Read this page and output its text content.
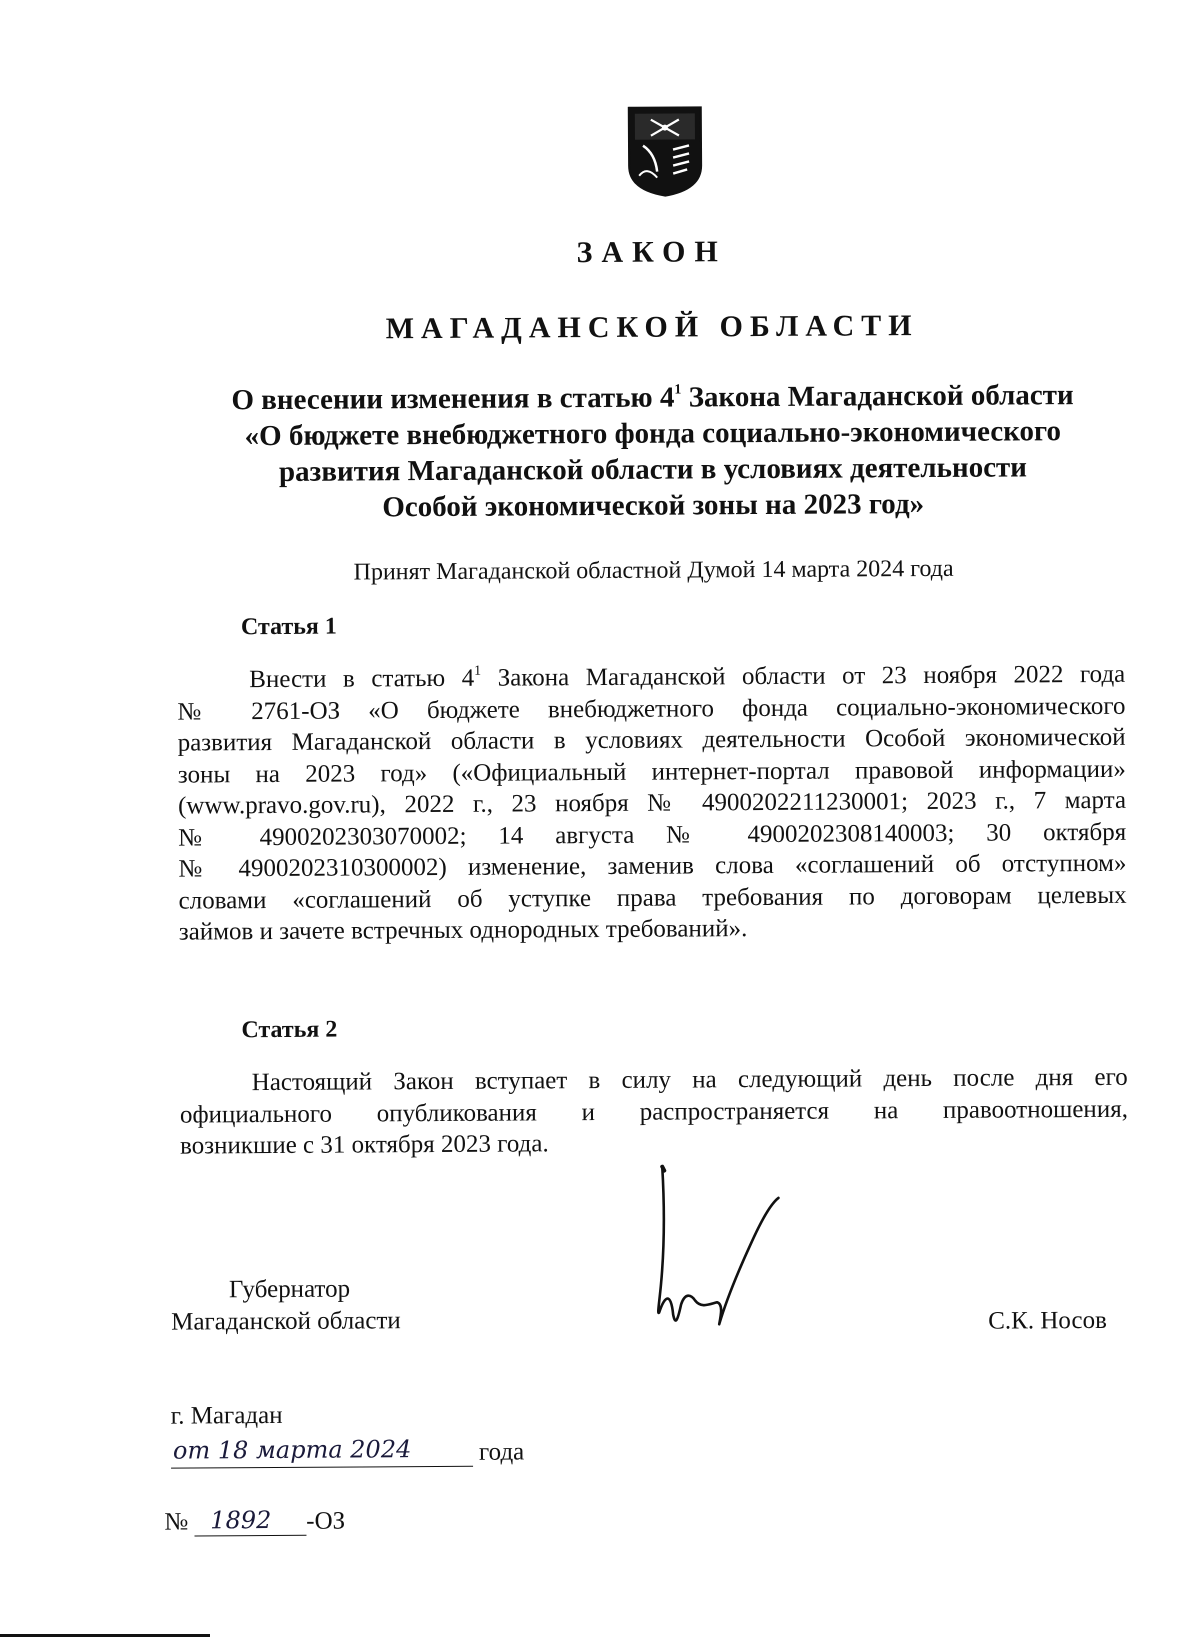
ЗАКОН
МАГАДАНСКОЙ ОБЛАСТИ
О внесении изменения в статью $4^1$ Закона Магаданской области
«О бюджете внебюджетного фонда социально-экономического
развития Магаданской области в условиях деятельности
Особой экономической зоны на 2023 год»
Принят Магаданской областной Думой 14 марта 2024 года
Статья 1
Внести в статью $4^1$ Закона Магаданской области от 23 ноября 2022 года
№ 2761-ОЗ «О бюджете внебюджетного фонда социально-экономического
развития Магаданской области в условиях деятельности Особой экономической
зоны на 2023 год» («Официальный интернет-портал правовой информации»
(www.pravo.gov.ru), 2022 г., 23 ноября № 4900202211230001; 2023 г., 7 марта
№ 4900202303070002; 14 августа № 4900202308140003; 30 октября
№ 4900202310300002) изменение, заменив слова «соглашений об отступном»
словами «соглашений об уступке права требования по договорам целевых
займов и зачете встречных однородных требований».
Статья 2
Настоящий Закон вступает в силу на следующий день после дня его
официального опубликования и распространяется на правоотношения,
возникшие с 31 октября 2023 года.
Губернатор
Магаданской области	С.К. Носов
г. Магадан
от 18 марта 2024	года
№ 1892	-ОЗ
